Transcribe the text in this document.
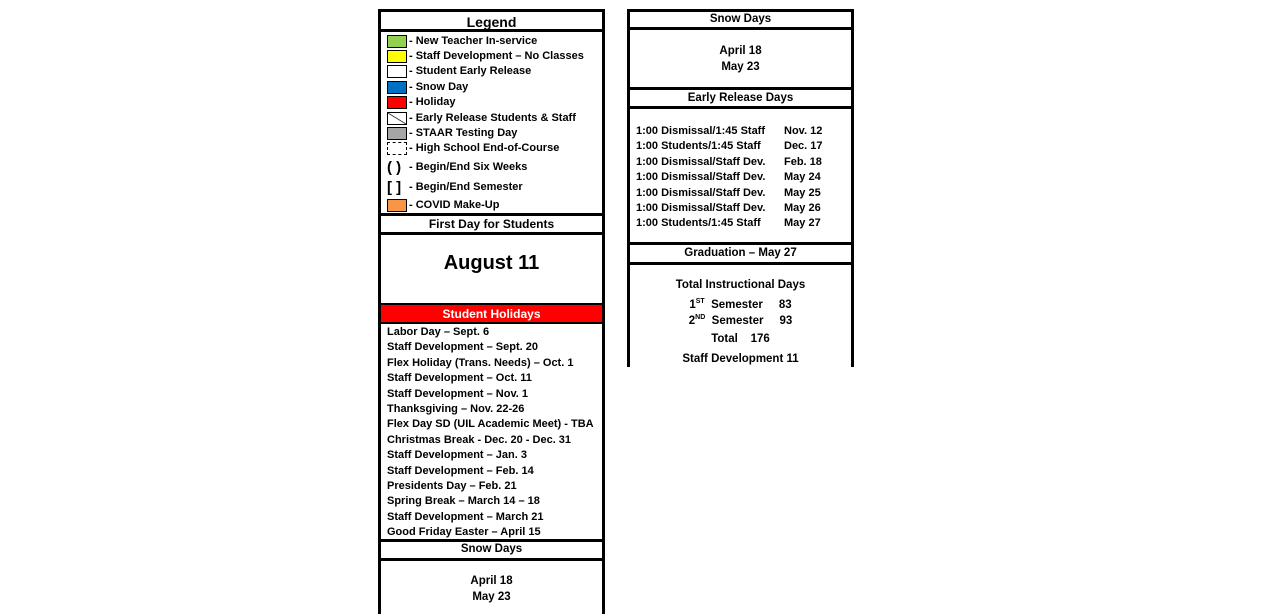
Legend
- New Teacher In-service
- Staff Development – No Classes
- Student Early Release
- Snow Day
- Holiday
- Early Release Students & Staff
- STAAR Testing Day
- High School End-of-Course
( ) - Begin/End Six Weeks
[ ] - Begin/End Semester
- COVID Make-Up
First Day for Students
August 11
Student Holidays
Labor Day – Sept. 6
Staff Development – Sept. 20
Flex Holiday (Trans. Needs) – Oct. 1
Staff Development – Oct. 11
Staff Development – Nov. 1
Thanksgiving – Nov. 22-26
Flex Day SD (UIL Academic Meet) - TBA
Christmas Break - Dec. 20 - Dec. 31
Staff Development – Jan. 3
Staff Development – Feb. 14
Presidents Day – Feb. 21
Spring Break – March 14 – 18
Staff Development – March 21
Good Friday Easter – April 15
Snow Days
April 18
May 23
Snow Days
April 18
May 23
Early Release Days
1:00 Dismissal/1:45 Staff Nov. 12
1:00 Students/1:45 Staff Dec. 17
1:00 Dismissal/Staff Dev. Feb. 18
1:00 Dismissal/Staff Dev. May 24
1:00 Dismissal/Staff Dev. May 25
1:00 Dismissal/Staff Dev. May 26
1:00 Students/1:45 Staff May 27
Graduation – May 27
Total Instructional Days
1ST Semester 83
2ND Semester 93
Total 176
Staff Development 11
